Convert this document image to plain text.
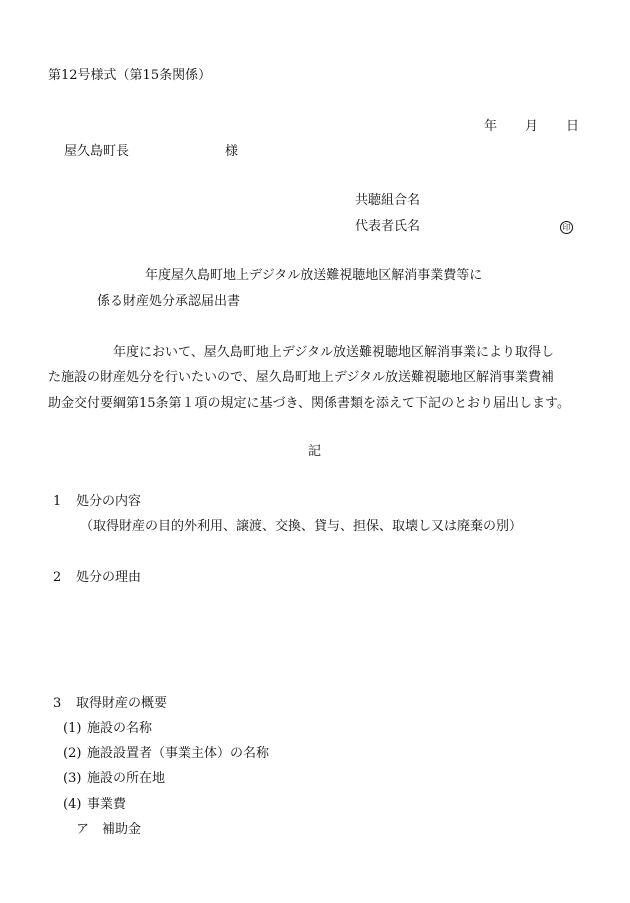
第12号様式（第15条関係）
年 月 日
屋久島町長	様
共聴組合名
代表者氏名	印
年度屋久島町地上デジタル放送難視聴地区解消事業費等に
係る財産処分承認届出書
年度において、屋久島町地上デジタル放送難視聴地区解消事業により取得し
た施設の財産処分を行いたいので、屋久島町地上デジタル放送難視聴地区解消事業費補
助金交付要綱第15条第１項の規定に基づき、関係書類を添えて下記のとおり届出します。
記
1 処分の内容
（取得財産の目的外利用、譲渡、交換、貸与、担保、取壊し又は廃棄の別）
2 処分の理由
3 取得財産の概要
(1) 施設の名称
(2) 施設設置者（事業主体）の名称
(3) 施設の所在地
(4) 事業費
ア 補助金
